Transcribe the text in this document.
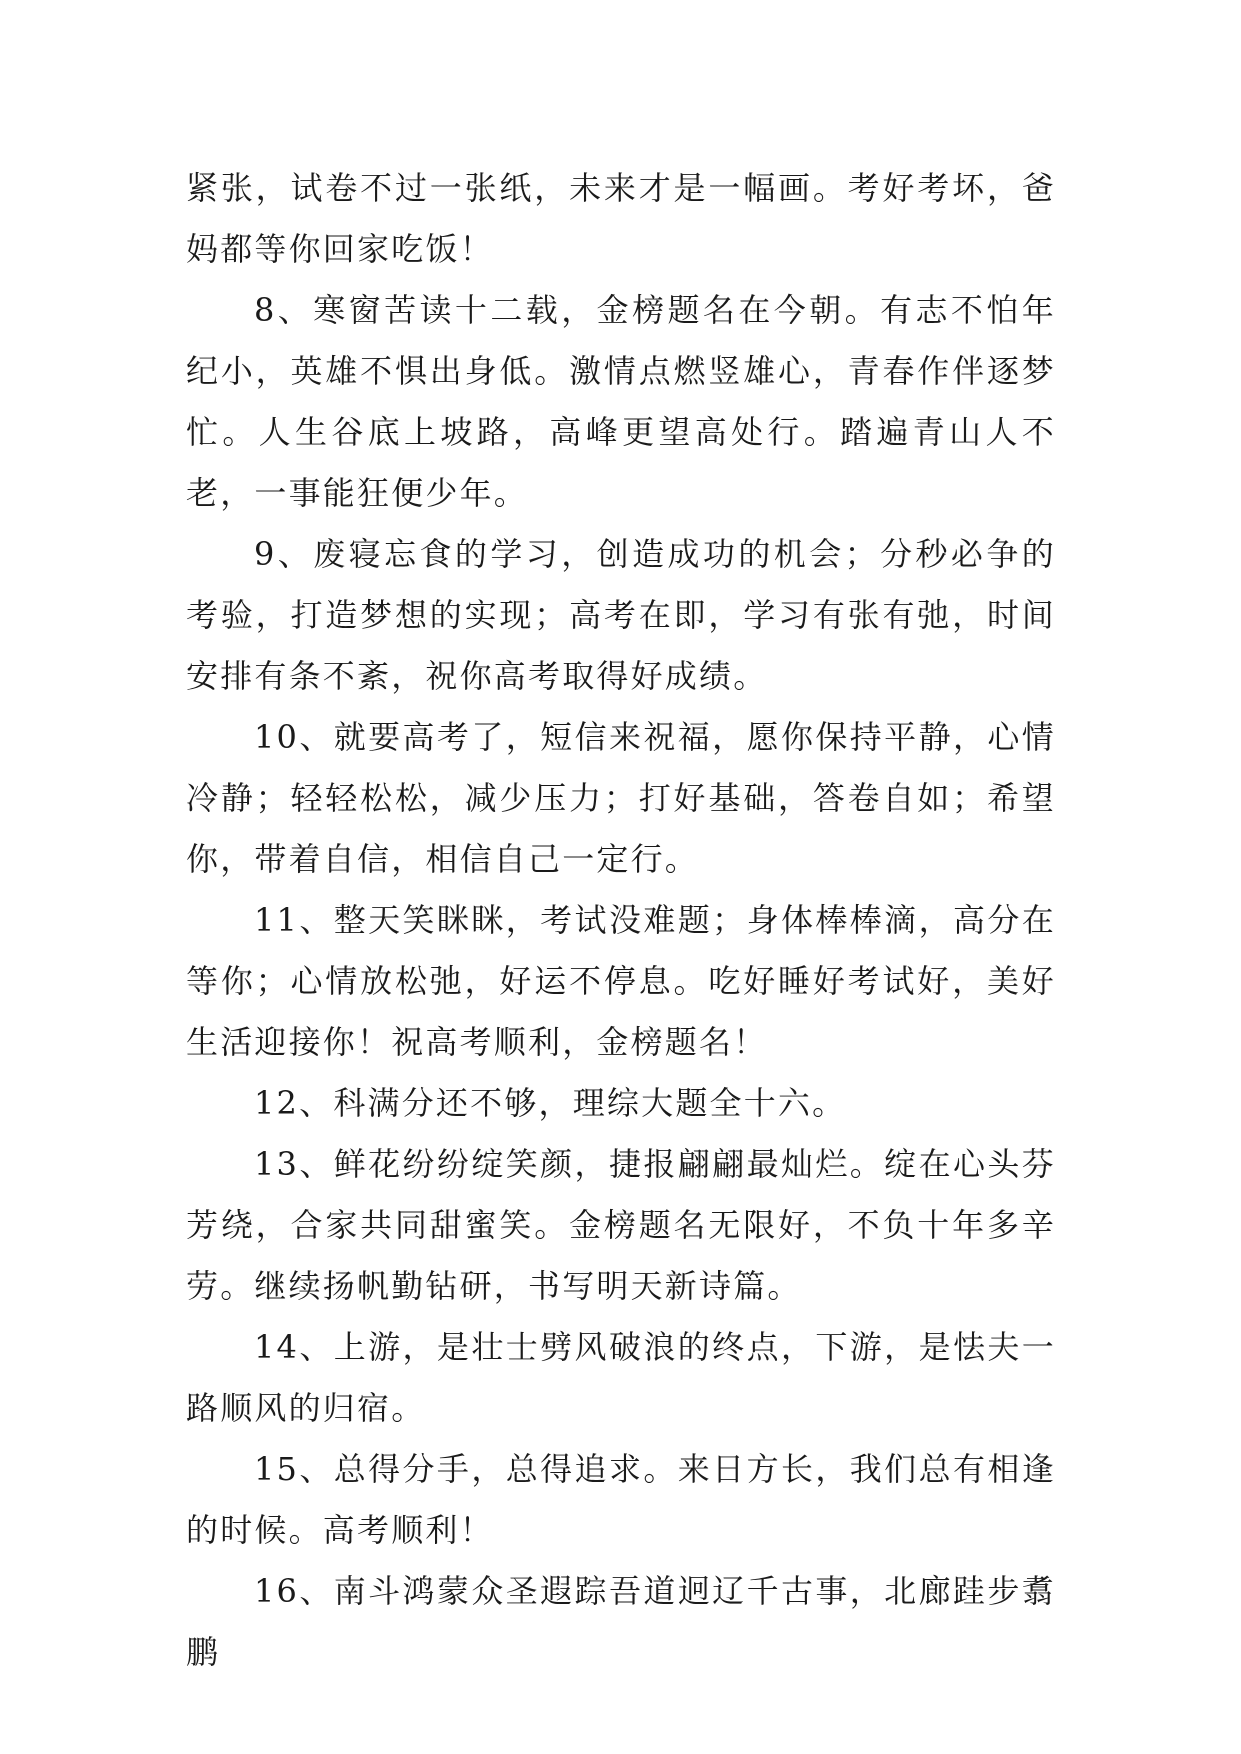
紧张，试卷不过一张纸，未来才是一幅画。考好考坏，爸妈都等你回家吃饭！

8、寒窗苦读十二载，金榜题名在今朝。有志不怕年纪小，英雄不惧出身低。激情点燃竖雄心，青春作伴逐梦忙。人生谷底上坡路，高峰更望高处行。踏遍青山人不老，一事能狂便少年。

9、废寝忘食的学习，创造成功的机会；分秒必争的考验，打造梦想的实现；高考在即，学习有张有弛，时间安排有条不紊，祝你高考取得好成绩。

10、就要高考了，短信来祝福，愿你保持平静，心情冷静；轻轻松松，减少压力；打好基础，答卷自如；希望你，带着自信，相信自己一定行。

11、整天笑眯眯，考试没难题；身体棒棒滴，高分在等你；心情放松弛，好运不停息。吃好睡好考试好，美好生活迎接你！祝高考顺利，金榜题名！

12、科满分还不够，理综大题全十六。

13、鲜花纷纷绽笑颜，捷报翩翩最灿烂。绽在心头芬芳绕，合家共同甜蜜笑。金榜题名无限好，不负十年多辛劳。继续扬帆勤钻研，书写明天新诗篇。

14、上游，是壮士劈风破浪的终点，下游，是怯夫一路顺风的归宿。

15、总得分手，总得追求。来日方长，我们总有相逢的时候。高考顺利！

16、南斗鸿蒙众圣遐踪吾道迥辽千古事，北廊跬步翥鹏
